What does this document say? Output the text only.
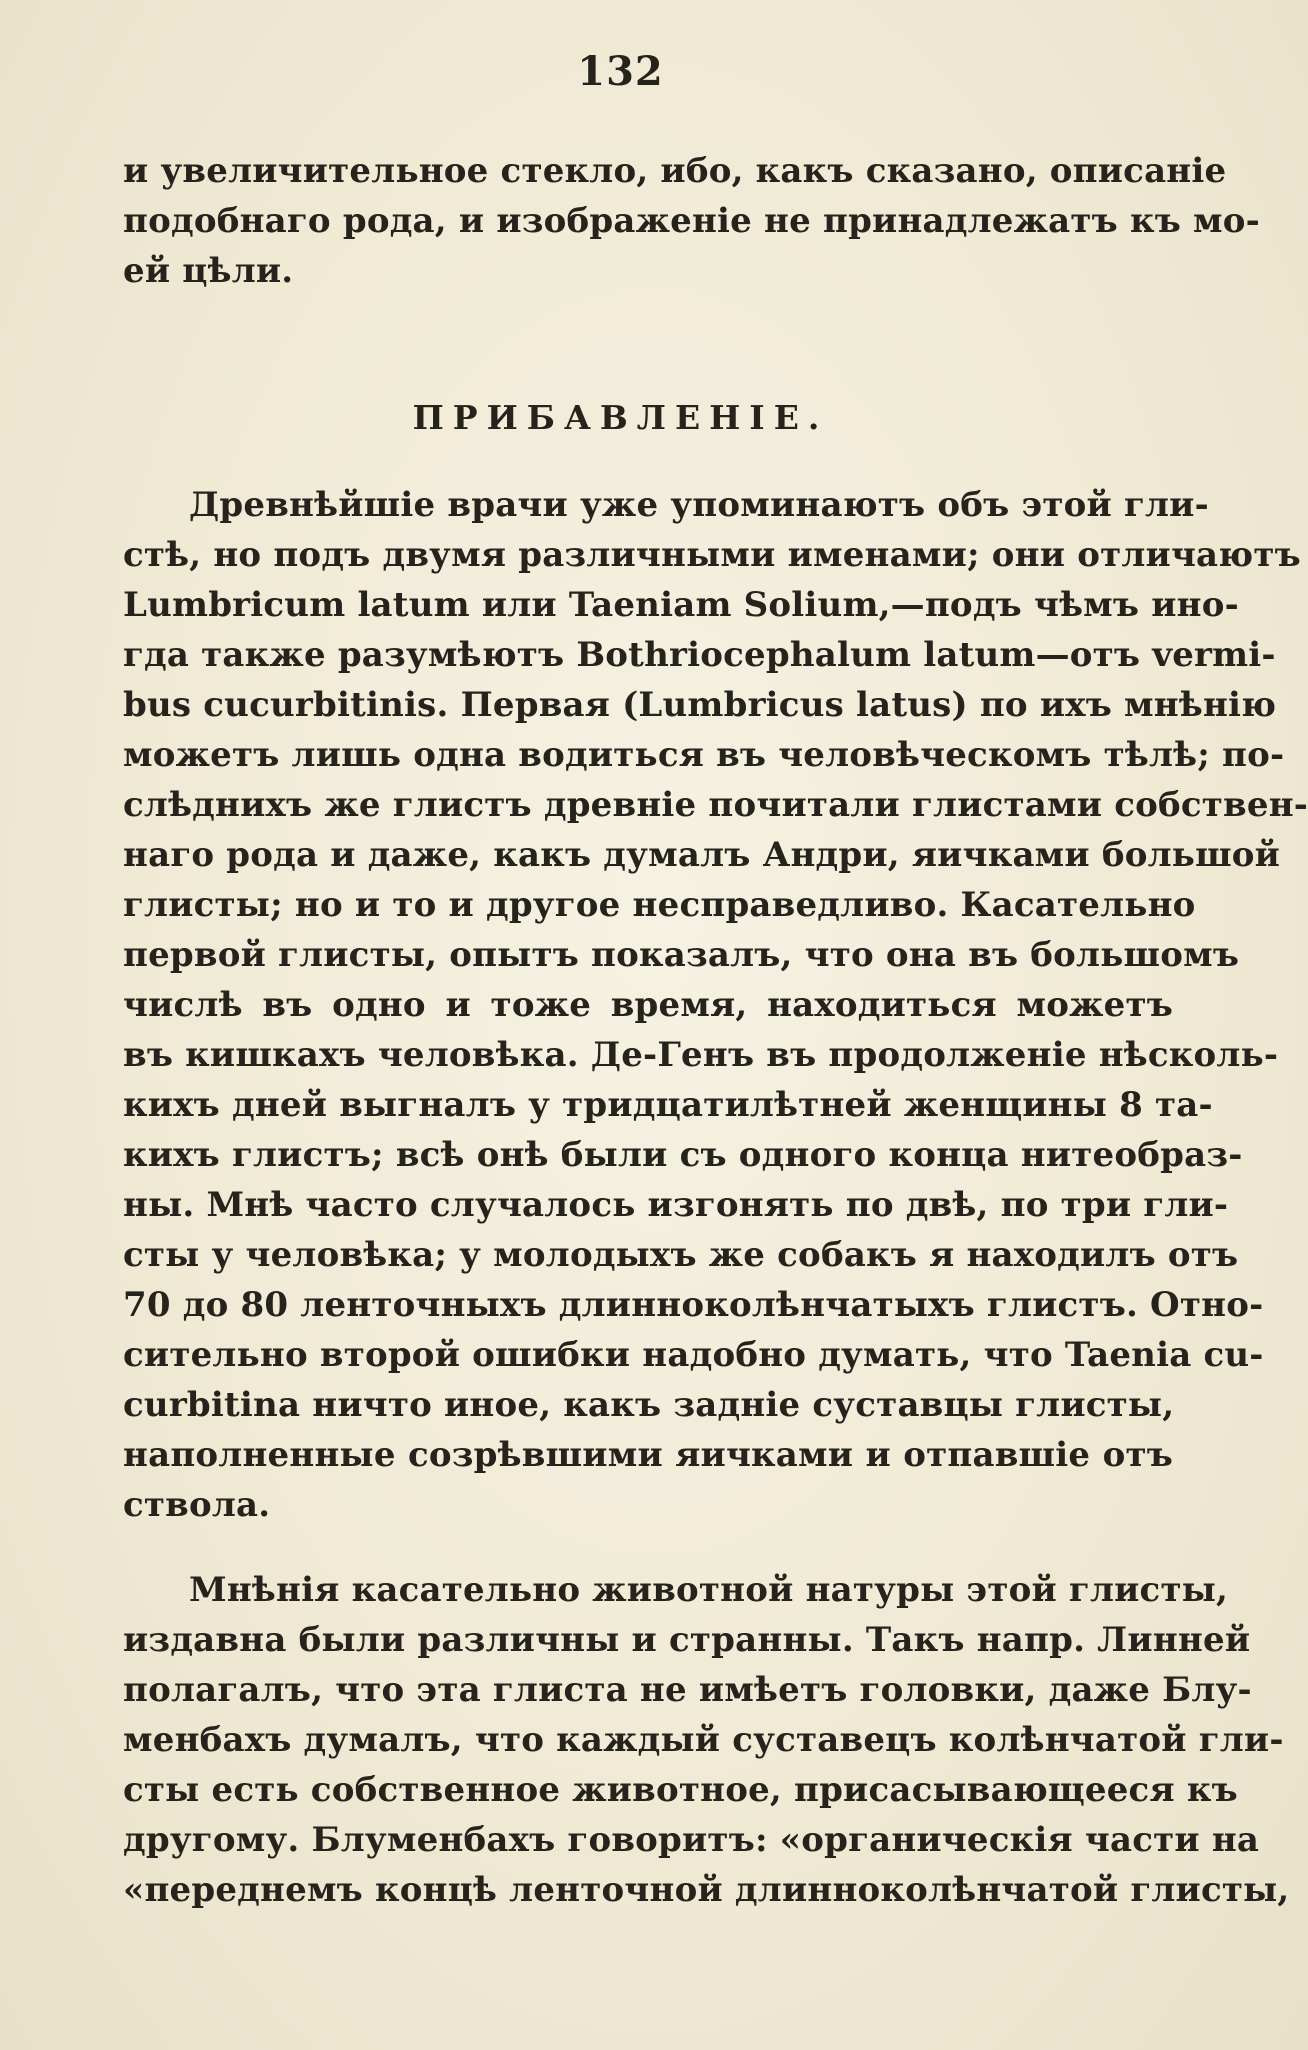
132
и увеличительное стекло, ибо, какъ сказано, описаніе
подобнаго рода, и изображеніе не принадлежатъ къ мо-
ей цѣли.
ПРИБАВЛЕНІЕ.
Древнѣйшіе врачи уже упоминаютъ объ этой гли-
стѣ, но подъ двумя различными именами; они отличаютъ
Lumbricum latum или Taeniam Solium,—подъ чѣмъ ино-
гда также разумѣютъ Bothriocephalum latum—отъ vermi-
bus cucurbitinis. Первая (Lumbricus latus) по ихъ мнѣнію
можетъ лишь одна водиться въ человѣческомъ тѣлѣ; по-
слѣднихъ же глистъ древніе почитали глистами собствен-
наго рода и даже, какъ думалъ Андри, яичками большой
глисты; но и то и другое несправедливо. Касательно
первой глисты, опытъ показалъ, что она въ большомъ
числѣ въ одно и тоже время, находиться можетъ
въ кишкахъ человѣка. Де-Генъ въ продолженіе нѣсколь-
кихъ дней выгналъ у тридцатилѣтней женщины 8 та-
кихъ глистъ; всѣ онѣ были съ одного конца нитеобраз-
ны. Мнѣ часто случалось изгонять по двѣ, по три гли-
сты у человѣка; у молодыхъ же собакъ я находилъ отъ
70 до 80 ленточныхъ длинноколѣнчатыхъ глистъ. Отно-
сительно второй ошибки надобно думать, что Taenia cu-
curbitina ничто иное, какъ задніе суставцы глисты,
наполненные созрѣвшими яичками и отпавшіе отъ
ствола.
Мнѣнія касательно животной натуры этой глисты,
издавна были различны и странны. Такъ напр. Линней
полагалъ, что эта глиста не имѣетъ головки, даже Блу-
менбахъ думалъ, что каждый суставецъ колѣнчатой гли-
сты есть собственное животное, присасывающееся къ
другому. Блуменбахъ говоритъ: «органическія части на
«переднемъ концѣ ленточной длинноколѣнчатой глисты,
